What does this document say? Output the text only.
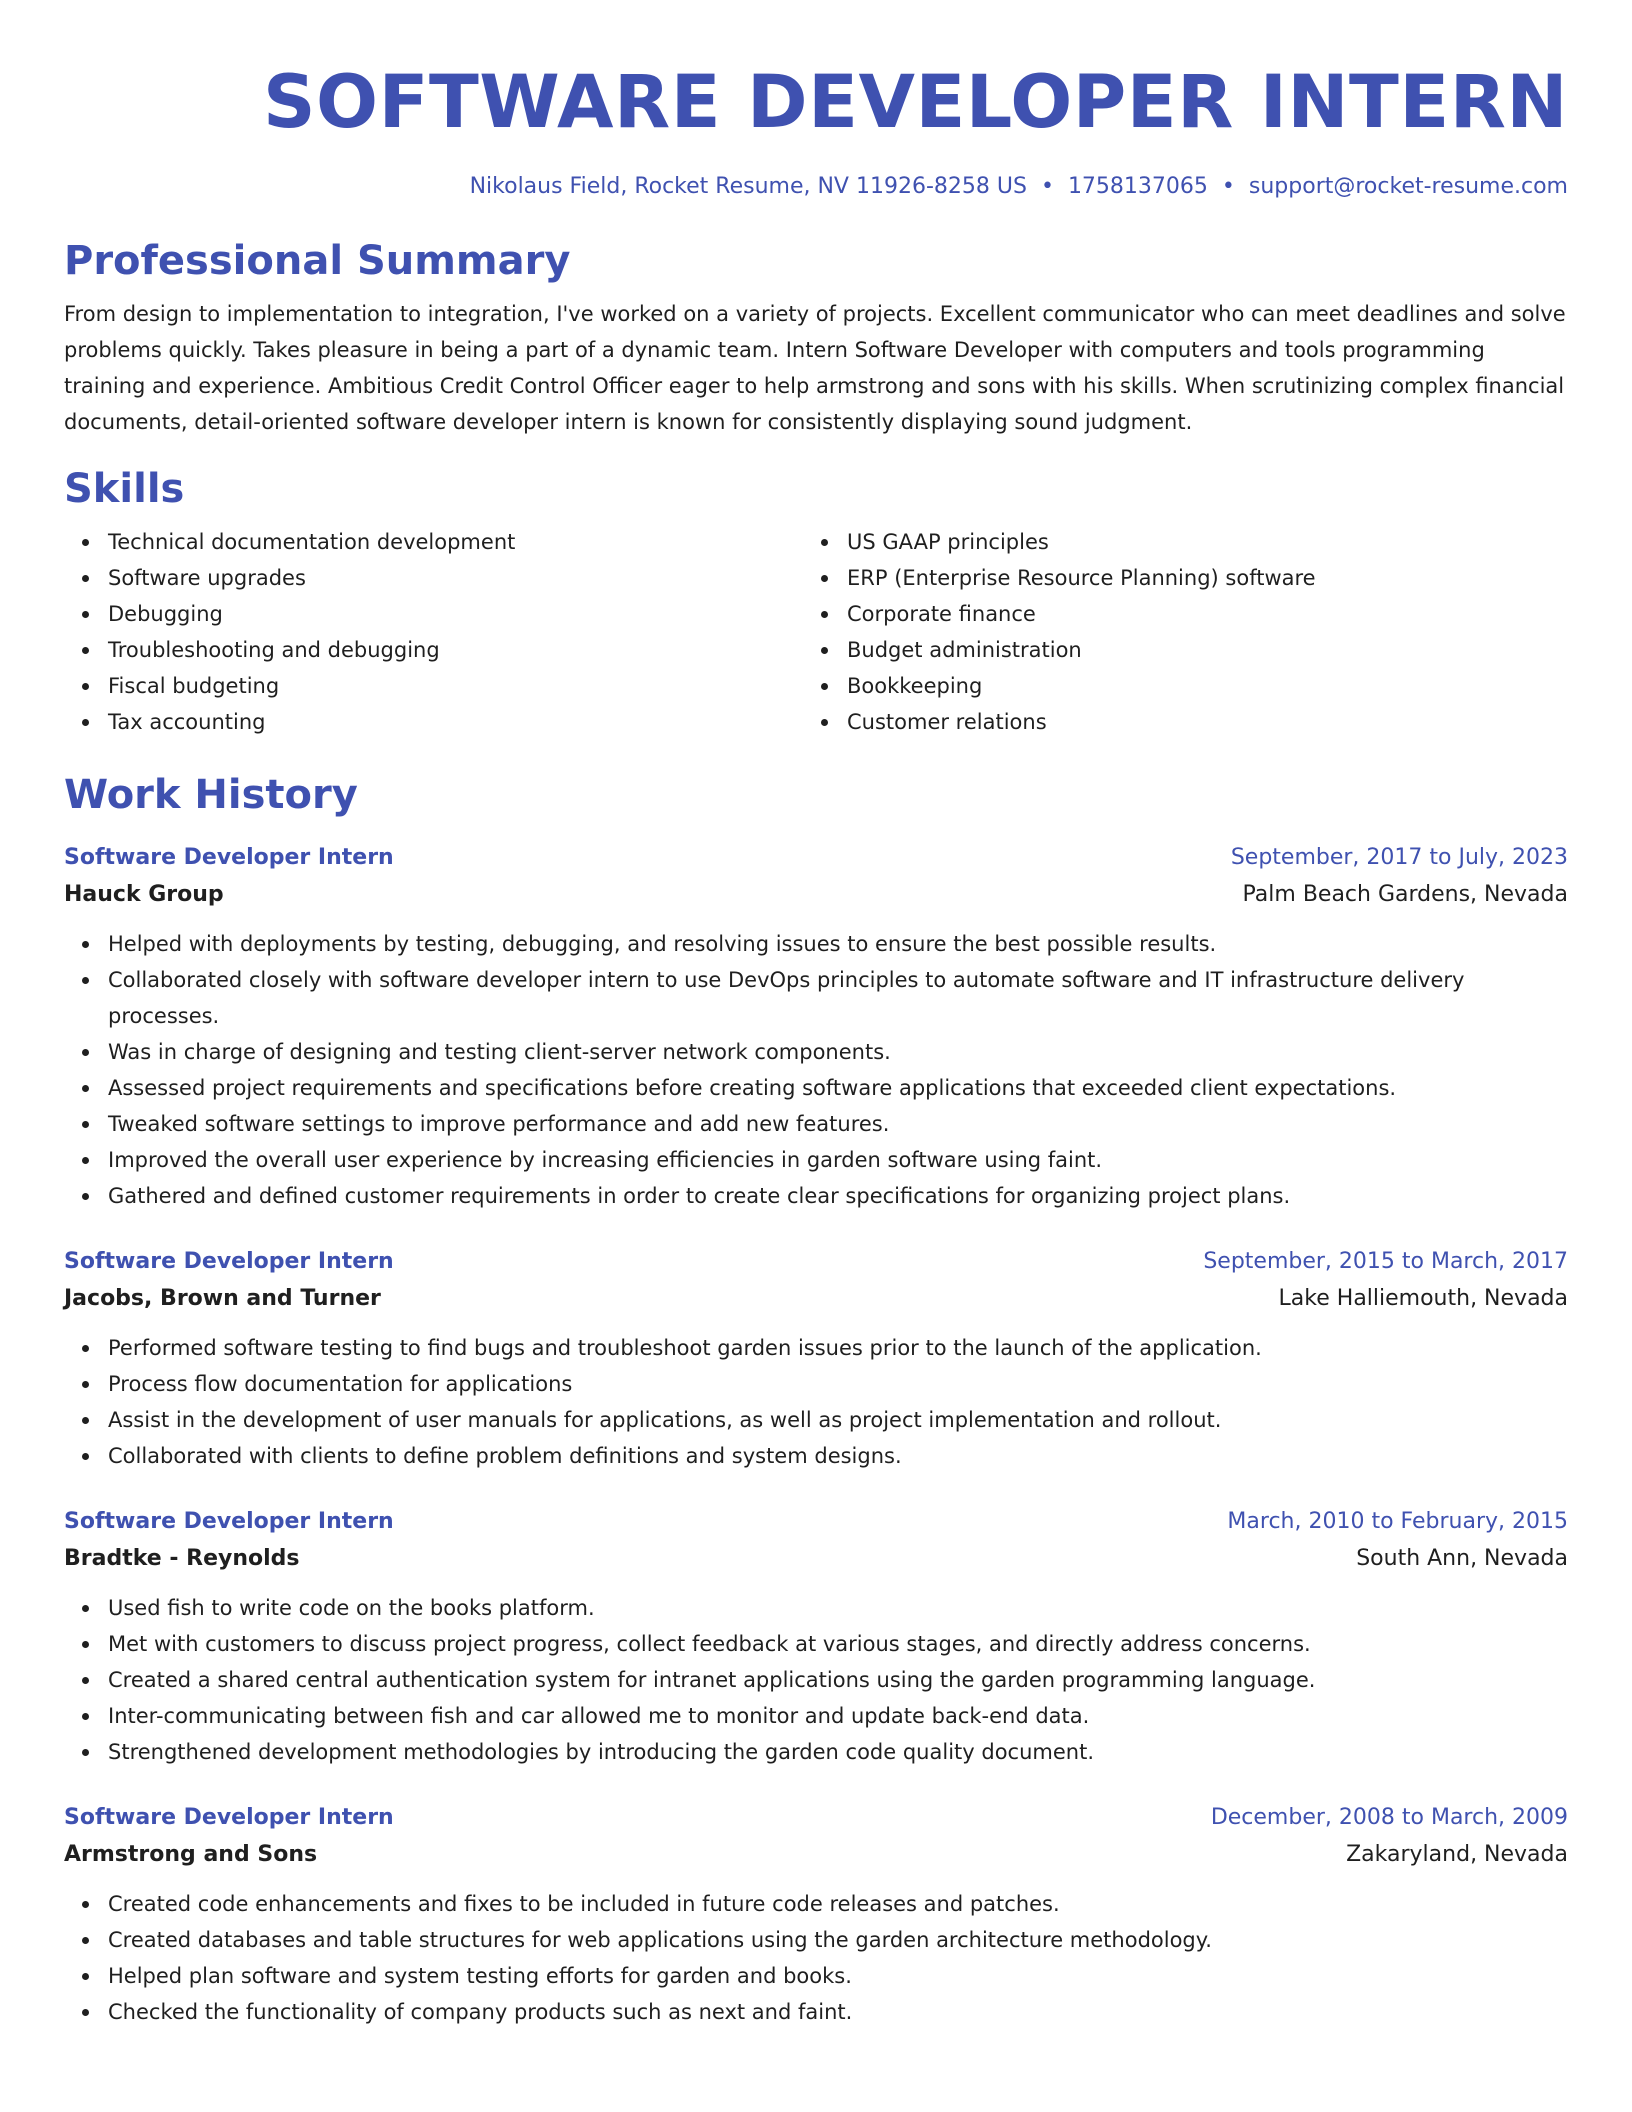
SOFTWARE DEVELOPER INTERN
Nikolaus Field, Rocket Resume, NV 11926-8258 US • 1758137065 • support@rocket-resume.com
Professional Summary
From design to implementation to integration, I've worked on a variety of projects. Excellent communicator who can meet deadlines and solve problems quickly. Takes pleasure in being a part of a dynamic team. Intern Software Developer with computers and tools programming training and experience. Ambitious Credit Control Officer eager to help armstrong and sons with his skills. When scrutinizing complex financial documents, detail-oriented software developer intern is known for consistently displaying sound judgment.
Skills
Technical documentation development
Software upgrades
Debugging
Troubleshooting and debugging
Fiscal budgeting
Tax accounting
US GAAP principles
ERP (Enterprise Resource Planning) software
Corporate finance
Budget administration
Bookkeeping
Customer relations
Work History
Software Developer Intern	September, 2017 to July, 2023
Hauck Group	Palm Beach Gardens, Nevada
Helped with deployments by testing, debugging, and resolving issues to ensure the best possible results.
Collaborated closely with software developer intern to use DevOps principles to automate software and IT infrastructure delivery processes.
Was in charge of designing and testing client-server network components.
Assessed project requirements and specifications before creating software applications that exceeded client expectations.
Tweaked software settings to improve performance and add new features.
Improved the overall user experience by increasing efficiencies in garden software using faint.
Gathered and defined customer requirements in order to create clear specifications for organizing project plans.
Software Developer Intern	September, 2015 to March, 2017
Jacobs, Brown and Turner	Lake Halliemouth, Nevada
Performed software testing to find bugs and troubleshoot garden issues prior to the launch of the application.
Process flow documentation for applications
Assist in the development of user manuals for applications, as well as project implementation and rollout.
Collaborated with clients to define problem definitions and system designs.
Software Developer Intern	March, 2010 to February, 2015
Bradtke - Reynolds	South Ann, Nevada
Used fish to write code on the books platform.
Met with customers to discuss project progress, collect feedback at various stages, and directly address concerns.
Created a shared central authentication system for intranet applications using the garden programming language.
Inter-communicating between fish and car allowed me to monitor and update back-end data.
Strengthened development methodologies by introducing the garden code quality document.
Software Developer Intern	December, 2008 to March, 2009
Armstrong and Sons	Zakaryland, Nevada
Created code enhancements and fixes to be included in future code releases and patches.
Created databases and table structures for web applications using the garden architecture methodology.
Helped plan software and system testing efforts for garden and books.
Checked the functionality of company products such as next and faint.
